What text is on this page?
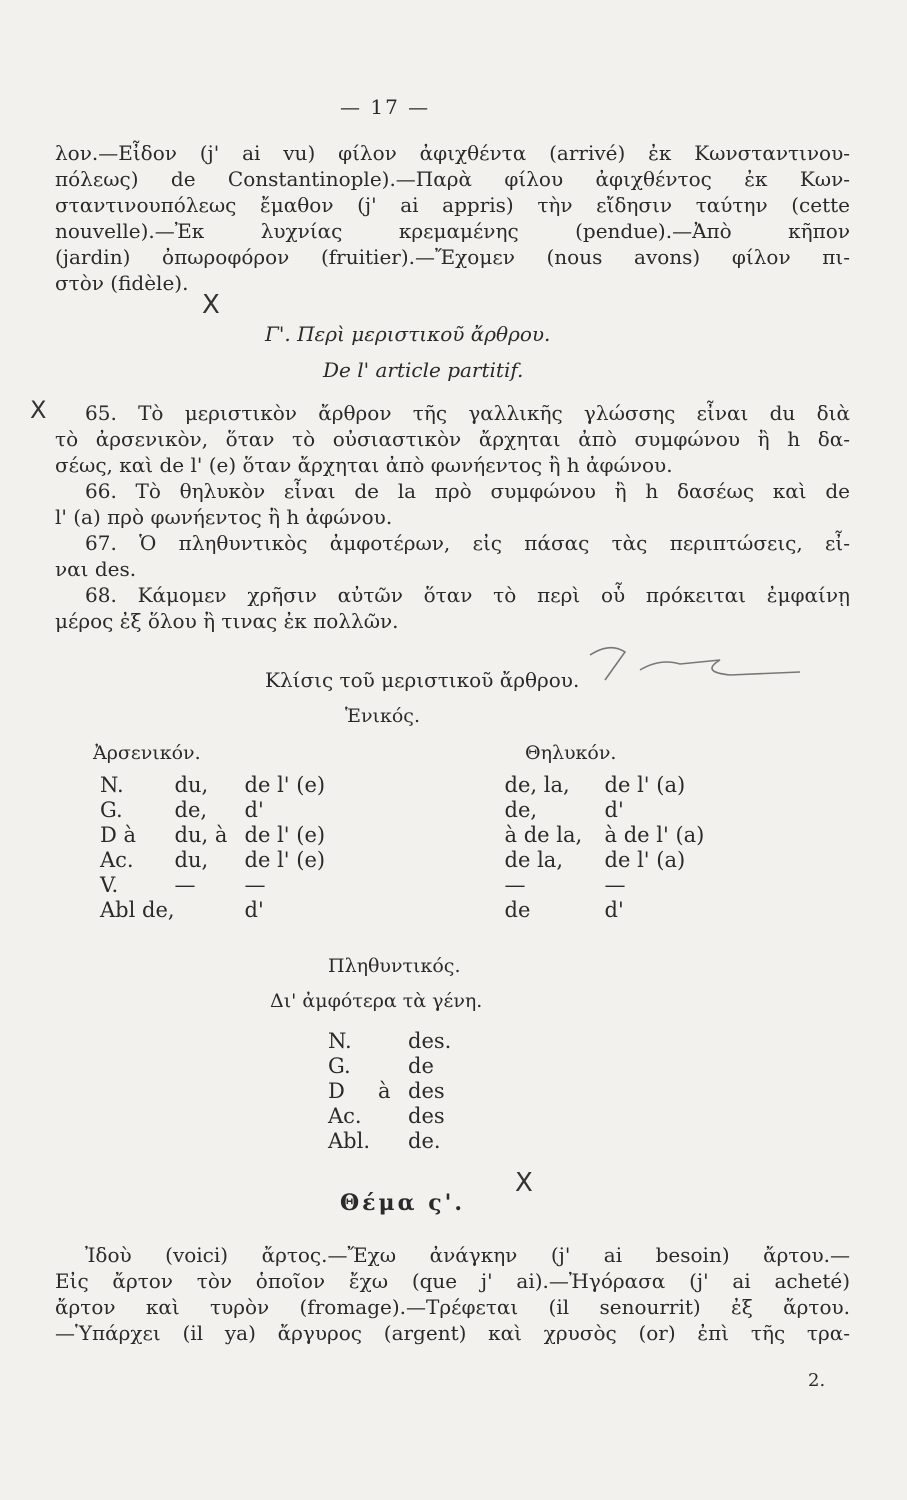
— 17 —
X
X
X
λον.—Εἶδον (j' ai vu) φίλον ἀφιχθέντα (arrivé) ἐκ Κωνσταντινου-
πόλεως) de Constantinople).—Παρὰ φίλου ἀφιχθέντος ἐκ Κων-
σταντινουπόλεως ἔμαθον (j' ai appris) τὴν εἴδησιν ταύτην (cette
nouvelle).—Ἐκ λυχνίας κρεμαμένης (pendue).—Ἀπὸ κῆπον
(jardin) ὀπωροφόρον (fruitier).—Ἔχομεν (nous avons) φίλον πι-
στὸν (fidèle).
Γ'. Περὶ μεριστικοῦ ἄρθρου.
De l' article partitif.
65. Τὸ μεριστικὸν ἄρθρον τῆς γαλλικῆς γλώσσης εἶναι du διὰ
τὸ ἀρσενικὸν, ὅταν τὸ οὐσιαστικὸν ἄρχηται ἀπὸ συμφώνου ἢ h δα-
σέως, καὶ de l' (e) ὅταν ἄρχηται ἀπὸ φωνήεντος ἢ h ἀφώνου.
66. Τὸ θηλυκὸν εἶναι de la πρὸ συμφώνου ἢ h δασέως καὶ de
l' (a) πρὸ φωνήεντος ἢ h ἀφώνου.
67. Ὁ πληθυντικὸς ἀμφοτέρων, εἰς πάσας τὰς περιπτώσεις, εἶ-
ναι des.
68. Κάμομεν χρῆσιν αὐτῶν ὅταν τὸ περὶ οὗ πρόκειται ἐμφαίνῃ
μέρος ἐξ ὅλου ἢ τινας ἐκ πολλῶν.
Κλίσις τοῦ μεριστικοῦ ἄρθρου.
Ἑνικός.
Ἀρσενικόν.	Θηλυκόν.
N.	du,	de l' (e)	de, la,	de l' (a)
G.	de,	d'	de,	d'
D à	du, à	de l' (e)	à de la,	à de l' (a)
Ac.	du,	de l' (e)	de la,	de l' (a)
V.	—	—	—	—
Abl de,		d'	de	d'
Πληθυντικός.
Δι' ἀμφότερα τὰ γένη.
N.		des.
G.		de
D	à	des
Ac.		des
Abl.		de.
Θέμα ς'.
Ἰδοὺ (voici) ἄρτος.—Ἔχω ἀνάγκην (j' ai besoin) ἄρτου.—
Εἰς ἄρτον τὸν ὁποῖον ἔχω (que j' ai).—Ἠγόρασα (j' ai acheté)
ἄρτον καὶ τυρὸν (fromage).—Τρέφεται (il senourrit) ἐξ ἄρτου.
—Ὑπάρχει (il ya) ἄργυρος (argent) καὶ χρυσὸς (or) ἐπὶ τῆς τρα-
2.
